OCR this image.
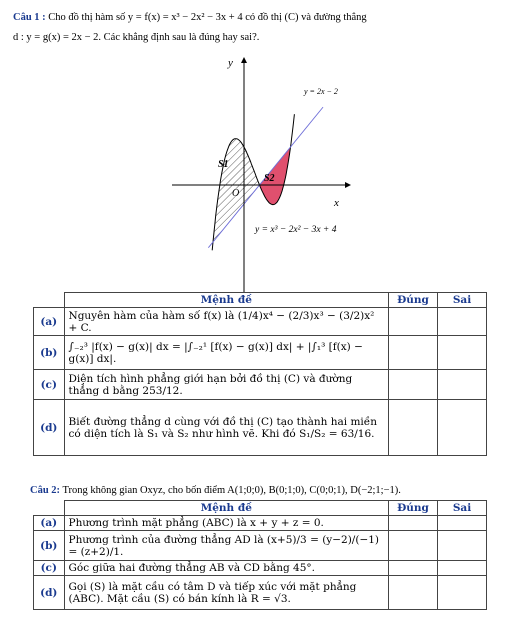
Câu 1 : Cho đồ thị hàm số y = f(x) = x³ − 2x² − 3x + 4 có đồ thị (C) và đường thẳng
d : y = g(x) = 2x − 2. Các khẳng định sau là đúng hay sai?.
y
x
O
S1
S2
y = 2x − 2
y = x³ − 2x² − 3x + 4
	Mệnh đề	Đúng	Sai
(a)	Nguyên hàm của hàm số f(x) là (1/4)x⁴ − (2/3)x³ − (3/2)x² + C.		
(b)	∫₋₂³ |f(x) − g(x)| dx = |∫₋₂¹ [f(x) − g(x)] dx| + |∫₁³ [f(x) − g(x)] dx|.		
(c)	Diện tích hình phẳng giới hạn bởi đồ thị (C) và đường thẳng d bằng 253/12.		
(d)	Biết đường thẳng d cùng với đồ thị (C) tạo thành hai miền có diện tích là S₁ và S₂ như hình vẽ. Khi đó S₁/S₂ = 63/16.		
Câu 2: Trong không gian Oxyz, cho bốn điểm A(1;0;0), B(0;1;0), C(0;0;1), D(−2;1;−1).
	Mệnh đề	Đúng	Sai
(a)	Phương trình mặt phẳng (ABC) là x + y + z = 0.		
(b)	Phương trình của đường thẳng AD là (x+5)/3 = (y−2)/(−1) = (z+2)/1.		
(c)	Góc giữa hai đường thẳng AB và CD bằng 45°.		
(d)	Gọi (S) là mặt cầu có tâm D và tiếp xúc với mặt phẳng (ABC). Mặt cầu (S) có bán kính là R = √3.		
